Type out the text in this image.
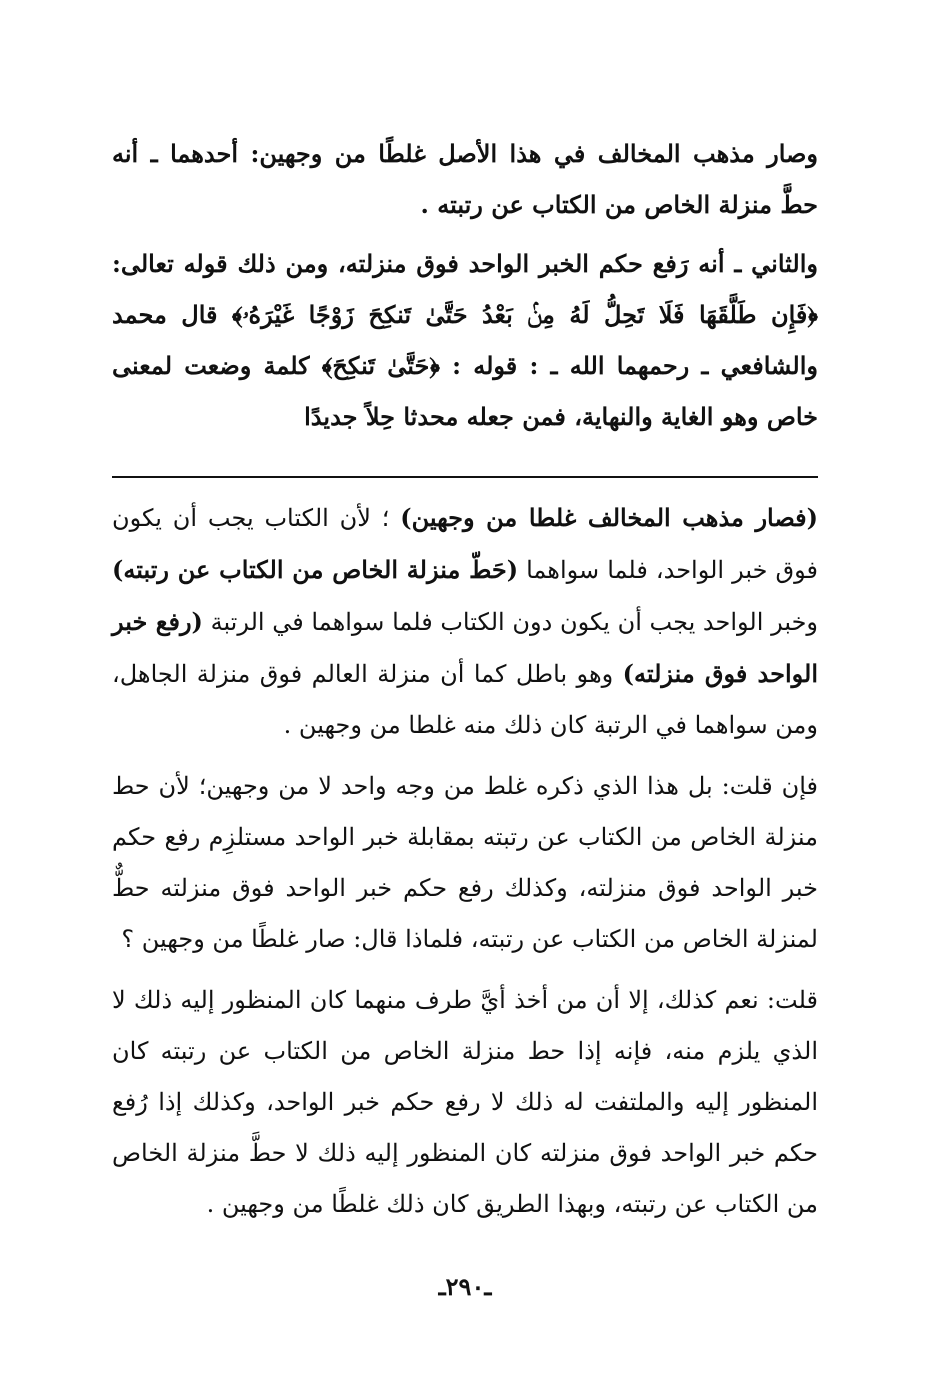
وصار مذهب المخالف في هذا الأصل غلطًا من وجهين: أحدهما ـ أنه حطَّ منزلة الخاص من الكتاب عن رتبته .

والثاني ـ أنه رَفع حكم الخبر الواحد فوق منزلته، ومن ذلك قوله تعالى: ﴿فَإِن طَلَّقَهَا فَلَا تَحِلُّ لَهُ مِنۢ بَعْدُ حَتَّىٰ تَنكِحَ زَوْجًا غَيْرَهُۥ﴾ قال محمد والشافعي ـ رحمهما الله ـ : قوله : ﴿حَتَّىٰ تَنكِحَ﴾ كلمة وضعت لمعنى خاص وهو الغاية والنهاية، فمن جعله محدثا حِلاً جديدًا

(فصار مذهب المخالف غلطا من وجهين) ؛ لأن الكتاب يجب أن يكون فوق خبر الواحد، فلما سواهما (حَطّ منزلة الخاص من الكتاب عن رتبته) وخبر الواحد يجب أن يكون دون الكتاب فلما سواهما في الرتبة (رفع خبر الواحد فوق منزلته) وهو باطل كما أن منزلة العالم فوق منزلة الجاهل، ومن سواهما في الرتبة كان ذلك منه غلطا من وجهين .

فإن قلت: بل هذا الذي ذكره غلط من وجه واحد لا من وجهين؛ لأن حط منزلة الخاص من الكتاب عن رتبته بمقابلة خبر الواحد مستلزِم رفع حكم خبر الواحد فوق منزلته، وكذلك رفع حكم خبر الواحد فوق منزلته حطٌّ لمنزلة الخاص من الكتاب عن رتبته، فلماذا قال: صار غلطًا من وجهين ؟

قلت: نعم كذلك، إلا أن من أخذ أيَّ طرف منهما كان المنظور إليه ذلك لا الذي يلزم منه، فإنه إذا حط منزلة الخاص من الكتاب عن رتبته كان المنظور إليه والملتفت له ذلك لا رفع حكم خبر الواحد، وكذلك إذا رُفع حكم خبر الواحد فوق منزلته كان المنظور إليه ذلك لا حطَّ منزلة الخاص من الكتاب عن رتبته، وبهذا الطريق كان ذلك غلطًا من وجهين .

ـ٢٩٠ـ
